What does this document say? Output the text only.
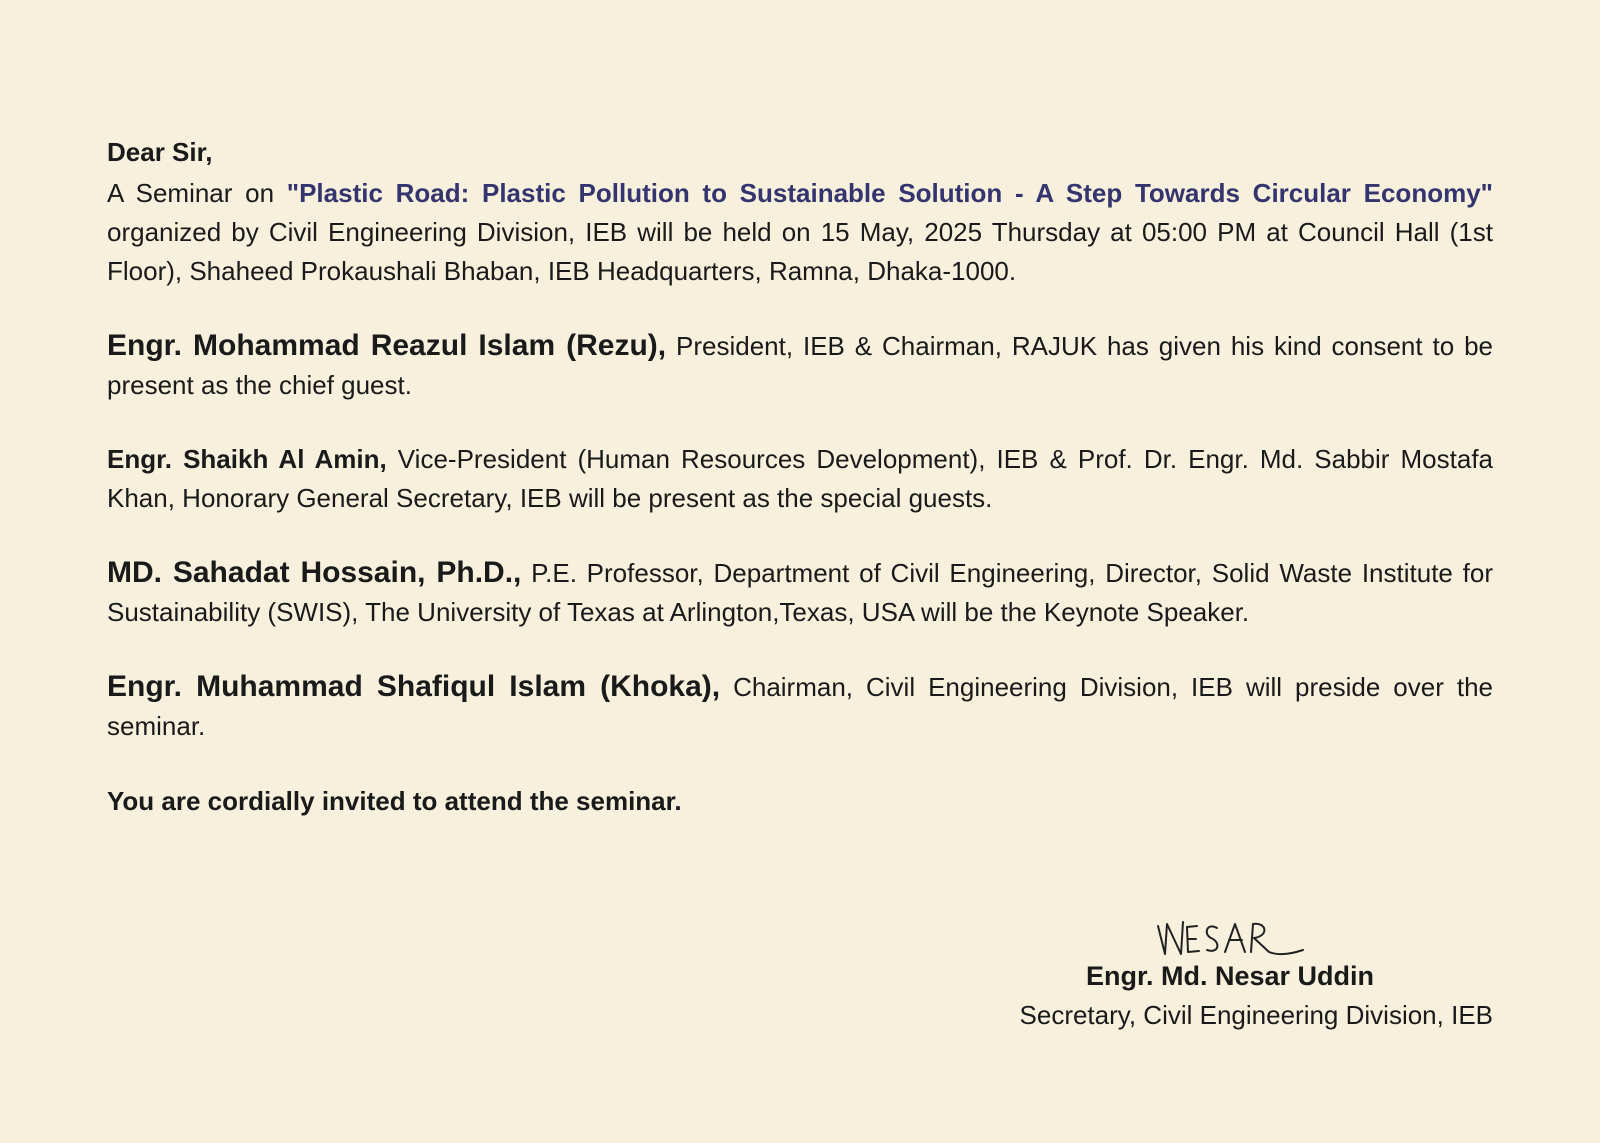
Dear Sir,

A Seminar on "Plastic Road: Plastic Pollution to Sustainable Solution - A Step Towards Circular Economy" organized by Civil Engineering Division, IEB will be held on 15 May, 2025 Thursday at 05:00 PM at Council Hall (1st Floor), Shaheed Prokaushali Bhaban, IEB Headquarters, Ramna, Dhaka-1000.

Engr. Mohammad Reazul Islam (Rezu), President, IEB & Chairman, RAJUK has given his kind consent to be present as the chief guest.

Engr. Shaikh Al Amin, Vice-President (Human Resources Development), IEB & Prof. Dr. Engr. Md. Sabbir Mostafa Khan, Honorary General Secretary, IEB will be present as the special guests.

MD. Sahadat Hossain, Ph.D., P.E. Professor, Department of Civil Engineering, Director, Solid Waste Institute for Sustainability (SWIS), The University of Texas at Arlington,Texas, USA will be the Keynote Speaker.

Engr. Muhammad Shafiqul Islam (Khoka), Chairman, Civil Engineering Division, IEB will preside over the seminar.

You are cordially invited to attend the seminar.

Engr. Md. Nesar Uddin
Secretary, Civil Engineering Division, IEB
